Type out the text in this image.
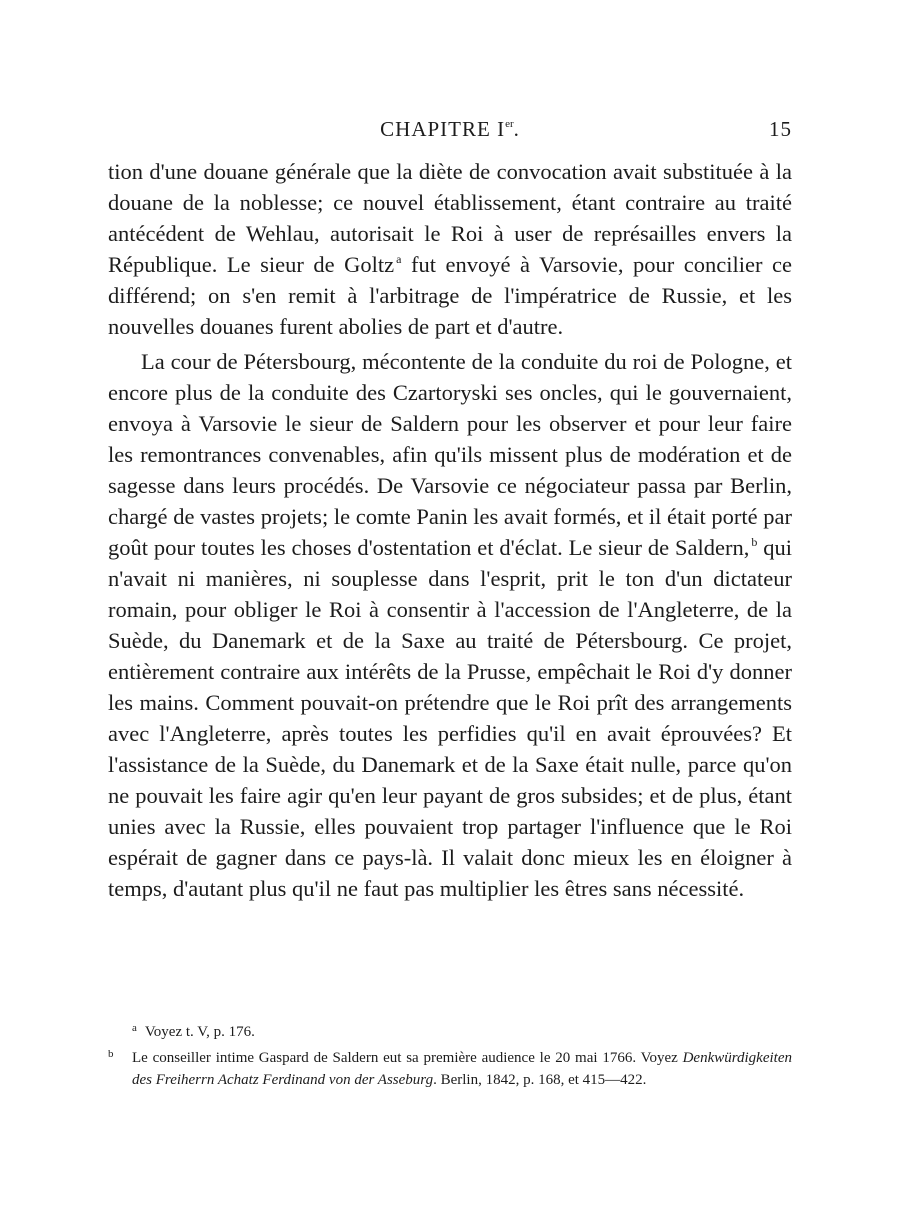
CHAPITRE Ier.	15

tion d'une douane générale que la diète de convocation avait substituée à la douane de la noblesse; ce nouvel établissement, étant contraire au traité antécédent de Wehlau, autorisait le Roi à user de représailles envers la République. Le sieur de Goltz $^a$ fut envoyé à Varsovie, pour concilier ce différend; on s'en remit à l'arbitrage de l'impératrice de Russie, et les nouvelles douanes furent abolies de part et d'autre.

La cour de Pétersbourg, mécontente de la conduite du roi de Pologne, et encore plus de la conduite des Czartoryski ses oncles, qui le gouvernaient, envoya à Varsovie le sieur de Saldern pour les observer et pour leur faire les remontrances convenables, afin qu'ils missent plus de modération et de sagesse dans leurs procédés. De Varsovie ce négociateur passa par Berlin, chargé de vastes projets; le comte Panin les avait formés, et il était porté par goût pour toutes les choses d'ostentation et d'éclat. Le sieur de Saldern, $^b$ qui n'avait ni manières, ni souplesse dans l'esprit, prit le ton d'un dictateur romain, pour obliger le Roi à consentir à l'accession de l'Angleterre, de la Suède, du Danemark et de la Saxe au traité de Pétersbourg. Ce projet, entièrement contraire aux intérêts de la Prusse, empêchait le Roi d'y donner les mains. Comment pouvait-on prétendre que le Roi prît des arrangements avec l'Angleterre, après toutes les perfidies qu'il en avait éprouvées? Et l'assistance de la Suède, du Danemark et de la Saxe était nulle, parce qu'on ne pouvait les faire agir qu'en leur payant de gros subsides; et de plus, étant unies avec la Russie, elles pouvaient trop partager l'influence que le Roi espérait de gagner dans ce pays-là. Il valait donc mieux les en éloigner à temps, d'autant plus qu'il ne faut pas multiplier les êtres sans nécessité.

$^a$ Voyez t. V, p. 176.

b Le conseiller intime Gaspard de Saldern eut sa première audience le 20 mai 1766. Voyez Denkwürdigkeiten des Freiherrn Achatz Ferdinand von der Asseburg. Berlin, 1842, p. 168, et 415—422.
